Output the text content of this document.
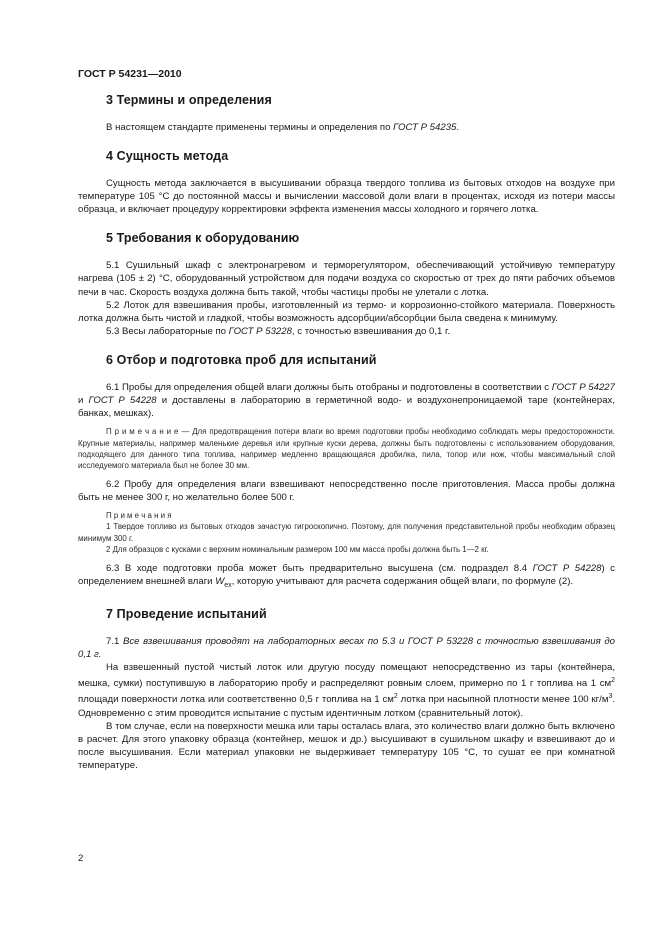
ГОСТ Р 54231—2010
3 Термины и определения

В настоящем стандарте применены термины и определения по ГОСТ Р 54235.

4 Сущность метода

Сущность метода заключается в высушивании образца твердого топлива из бытовых отходов на воздухе при температуре 105 °С до постоянной массы и вычислении массовой доли влаги в процентах, исходя из потери массы образца, и включает процедуру корректировки эффекта изменения массы холодного и горячего лотка.

5 Требования к оборудованию

5.1 Сушильный шкаф с электронагревом и терморегулятором, обеспечивающий устойчивую температуру нагрева (105 ± 2) °С, оборудованный устройством для подачи воздуха со скоростью от трех до пяти рабочих объемов печи в час. Скорость воздуха должна быть такой, чтобы частицы пробы не улетали с лотка.

5.2 Лоток для взвешивания пробы, изготовленный из термо- и коррозионно-стойкого материала. Поверхность лотка должна быть чистой и гладкой, чтобы возможность адсорбции/абсорбции была сведена к минимуму.

5.3 Весы лабораторные по ГОСТ Р 53228, с точностью взвешивания до 0,1 г.

6 Отбор и подготовка проб для испытаний

6.1 Пробы для определения общей влаги должны быть отобраны и подготовлены в соответствии с ГОСТ Р 54227 и ГОСТ Р 54228 и доставлены в лабораторию в герметичной водо- и воздухонепроницаемой таре (контейнерах, банках, мешках).

П р и м е ч а н и е — Для предотвращения потери влаги во время подготовки пробы необходимо соблюдать меры предосторожности. Крупные материалы, например маленькие деревья или крупные куски дерева, должны быть подготовлены с использованием оборудования, подходящего для данного типа топлива, например медленно вращающаяся дробилка, пила, топор или нож, чтобы максимальный слой исследуемого материала был не более 30 мм.

6.2 Пробу для определения влаги взвешивают непосредственно после приготовления. Масса пробы должна быть не менее 300 г, но желательно более 500 г.

П р и м е ч а н и я

1 Твердое топливо из бытовых отходов зачастую гигроскопично. Поэтому, для получения представительной пробы необходим образец минимум 300 г.

2 Для образцов с кусками с верхним номинальным размером 100 мм масса пробы должна быть 1—2 кг.

6.3 В ходе подготовки проба может быть предварительно высушена (см. подраздел 8.4 ГОСТ Р 54228) с определением внешней влаги $W_{ex}$, которую учитывают для расчета содержания общей влаги, по формуле (2).

7 Проведение испытаний

7.1 Все взвешивания проводят на лабораторных весах по 5.3 и ГОСТ Р 53228 с точностью взвешивания до 0,1 г.

На взвешенный пустой чистый лоток или другую посуду помещают непосредственно из тары (контейнера, мешка, сумки) поступившую в лабораторию пробу и распределяют ровным слоем, примерно по 1 г топлива на 1 $см^2$ площади поверхности лотка или соответственно 0,5 г топлива на 1 $см^2$ лотка при насыпной плотности менее 100 $кг/м^3$. Одновременно с этим проводится испытание с пустым идентичным лотком (сравнительный лоток).

В том случае, если на поверхности мешка или тары осталась влага, это количество влаги должно быть включено в расчет. Для этого упаковку образца (контейнер, мешок и др.) высушивают в сушильном шкафу и взвешивают до и после высушивания. Если материал упаковки не выдерживает температуру 105 °С, то сушат ее при комнатной температуре.

2
